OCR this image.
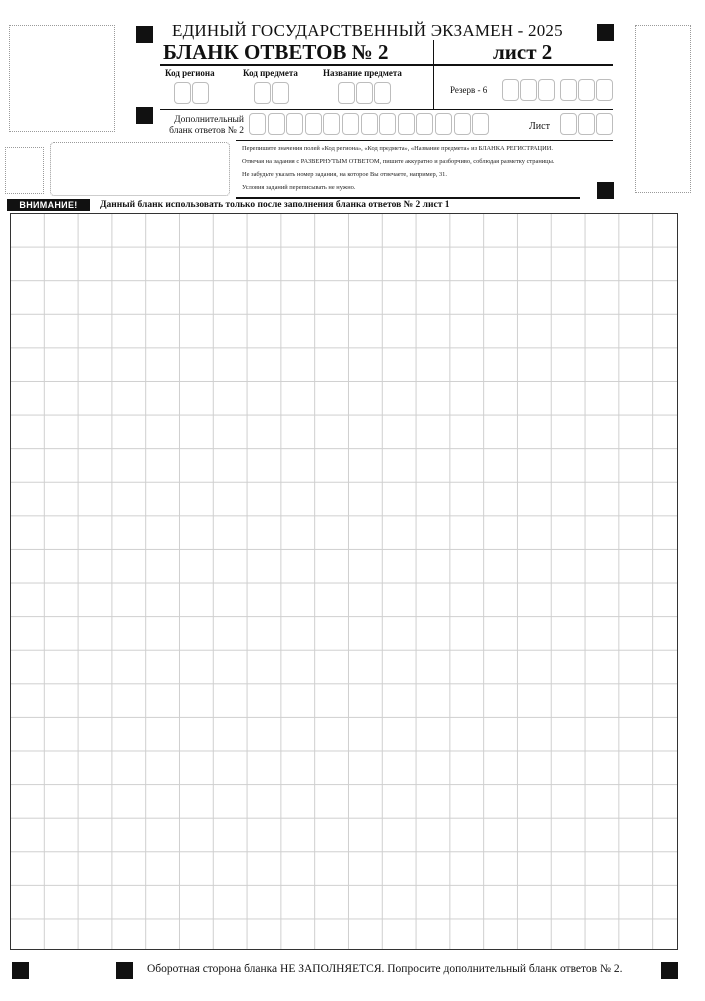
ЕДИНЫЙ ГОСУДАРСТВЕННЫЙ ЭКЗАМЕН - 2025
БЛАНК ОТВЕТОВ № 2	лист 2
Код региона	Код предмета	Название предмета
Резерв - 6
Дополнительный
бланк ответов № 2	Лист
Перепишите значения полей «Код региона», «Код предмета», «Название предмета» из БЛАНКА РЕГИСТРАЦИИ.
Отвечая на задания с РАЗВЕРНУТЫМ ОТВЕТОМ, пишите аккуратно и разборчиво, соблюдая разметку страницы.
Не забудьте указать номер задания, на которое Вы отвечаете, например, 31.
Условия заданий переписывать не нужно.
ВНИМАНИЕ!	Данный бланк использовать только после заполнения бланка ответов № 2 лист 1
Оборотная сторона бланка НЕ ЗАПОЛНЯЕТСЯ. Попросите дополнительный бланк ответов № 2.
